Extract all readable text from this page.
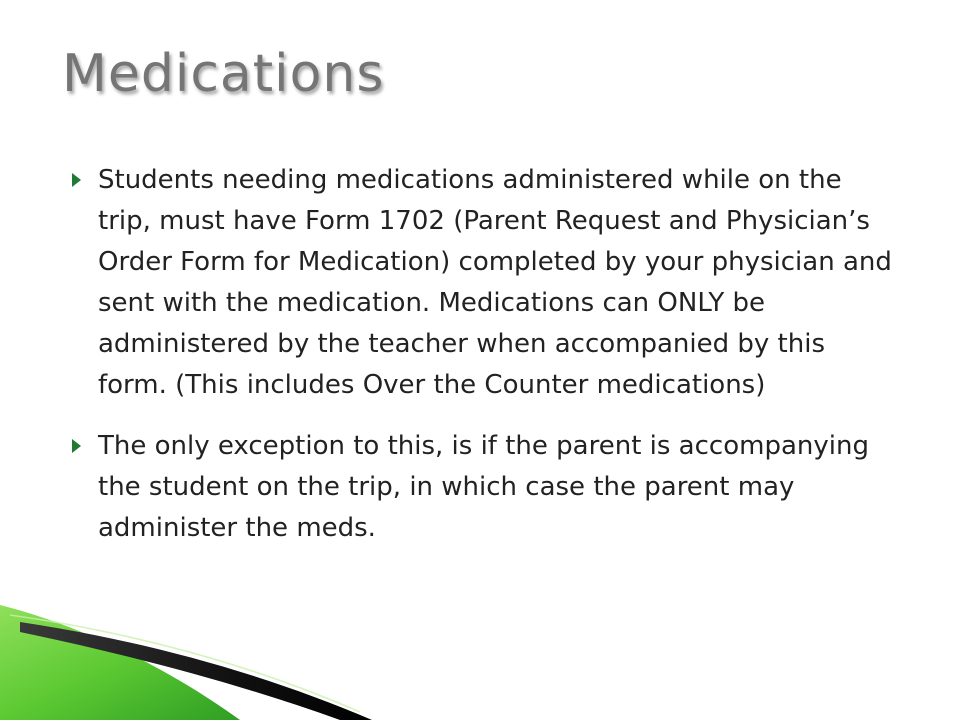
Medications
Students needing medications administered while on the trip, must have Form 1702 (Parent Request and Physician’s Order Form for Medication) completed by your physician and sent with the medication. Medications can ONLY be administered by the teacher when accompanied by this form. (This includes Over the Counter medications)
The only exception to this, is if the parent is accompanying the student on the trip, in which case the parent may administer the meds.
